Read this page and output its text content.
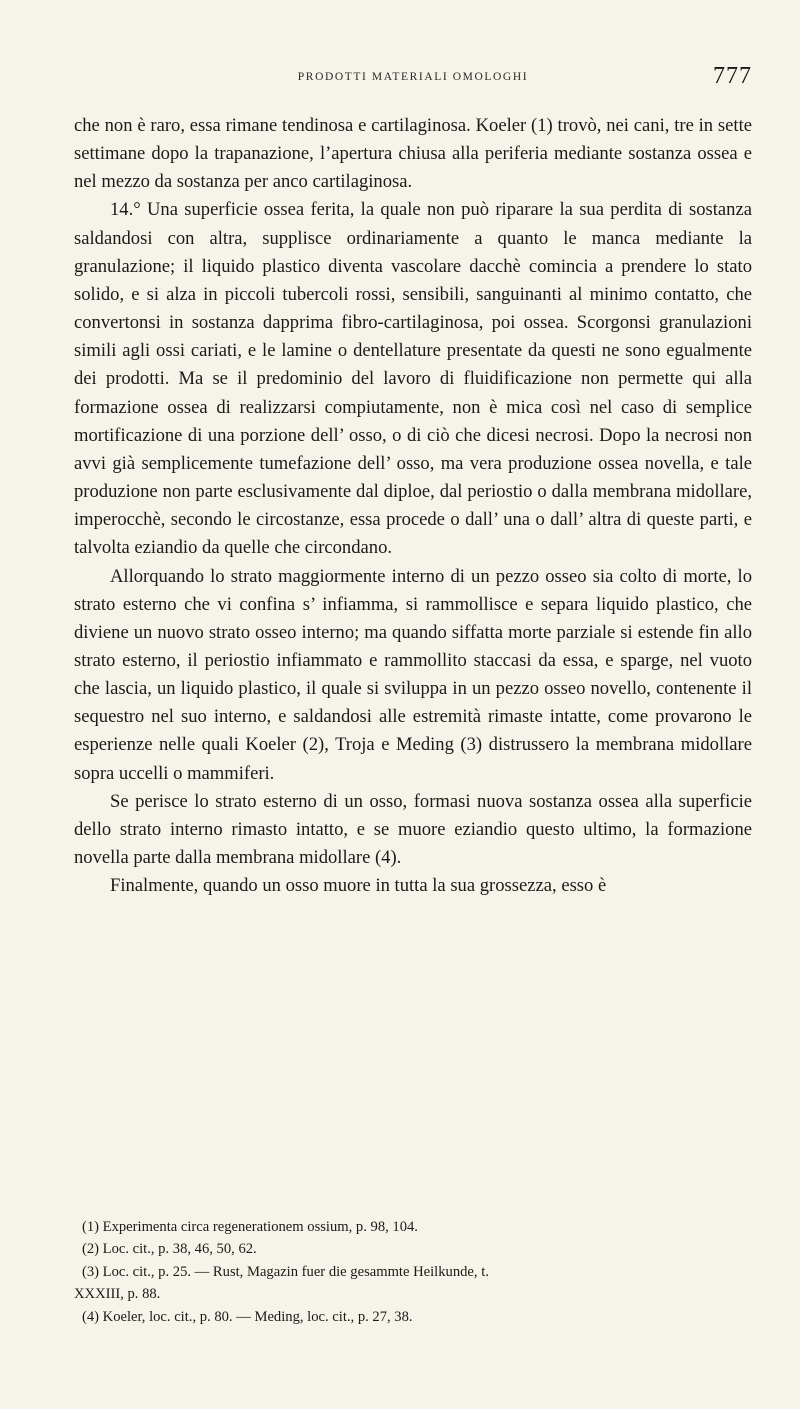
PRODOTTI MATERIALI OMOLOGHI	777

che non è raro, essa rimane tendinosa e cartilaginosa. Koeler (1) trovò, nei cani, tre in sette settimane dopo la trapanazione, l’apertura chiusa alla periferia mediante sostanza ossea e nel mezzo da sostanza per anco cartilaginosa.

14.° Una superficie ossea ferita, la quale non può riparare la sua perdita di sostanza saldandosi con altra, supplisce ordinariamente a quanto le manca mediante la granulazione; il liquido plastico diventa vascolare dacchè comincia a prendere lo stato solido, e si alza in piccoli tubercoli rossi, sensibili, sanguinanti al minimo contatto, che convertonsi in sostanza dapprima fibro-cartilaginosa, poi ossea. Scorgonsi granulazioni simili agli ossi cariati, e le lamine o dentellature presentate da questi ne sono egualmente dei prodotti. Ma se il predominio del lavoro di fluidificazione non permette qui alla formazione ossea di realizzarsi compiutamente, non è mica così nel caso di semplice mortificazione di una porzione dell’ osso, o di ciò che dicesi necrosi. Dopo la necrosi non avvi già semplicemente tumefazione dell’ osso, ma vera produzione ossea novella, e tale produzione non parte esclusivamente dal diploe, dal periostio o dalla membrana midollare, imperocchè, secondo le circostanze, essa procede o dall’ una o dall’ altra di queste parti, e talvolta eziandio da quelle che circondano.

Allorquando lo strato maggiormente interno di un pezzo osseo sia colto di morte, lo strato esterno che vi confina s’ infiamma, si rammollisce e separa liquido plastico, che diviene un nuovo strato osseo interno; ma quando siffatta morte parziale si estende fin allo strato esterno, il periostio infiammato e rammollito staccasi da essa, e sparge, nel vuoto che lascia, un liquido plastico, il quale si sviluppa in un pezzo osseo novello, contenente il sequestro nel suo interno, e saldandosi alle estremità rimaste intatte, come provarono le esperienze nelle quali Koeler (2), Troja e Meding (3) distrussero la membrana midollare sopra uccelli o mammiferi.

Se perisce lo strato esterno di un osso, formasi nuova sostanza ossea alla superficie dello strato interno rimasto intatto, e se muore eziandio questo ultimo, la formazione novella parte dalla membrana midollare (4).

Finalmente, quando un osso muore in tutta la sua grossezza, esso è

(1) Experimenta circa regenerationem ossium, p. 98, 104.

(2) Loc. cit., p. 38, 46, 50, 62.

(3) Loc. cit., p. 25. — Rust, Magazin fuer die gesammte Heilkunde, t.

XXXIII, p. 88.

(4) Koeler, loc. cit., p. 80. — Meding, loc. cit., p. 27, 38.
